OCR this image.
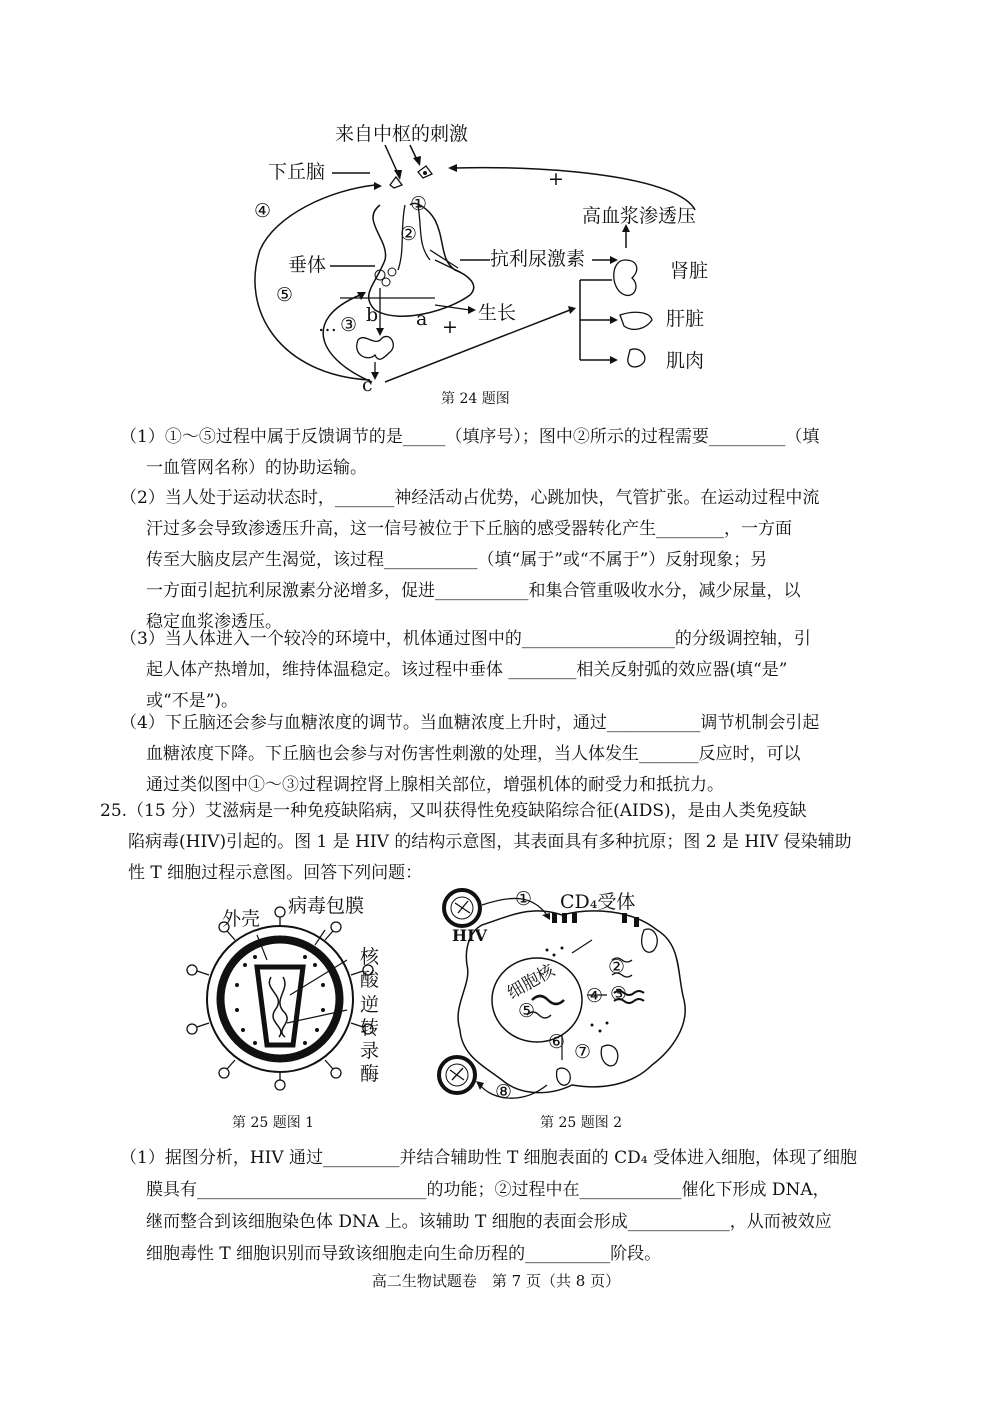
来自中枢的刺激
下丘脑
垂体	抗利尿激素
高血浆渗透压
肾脏
肝脏
肌肉
生长
①
②
③
④
⑤
a
b
c
…
+
+
第 24 题图
（1）①～⑤过程中属于反馈调节的是_____（填序号）；图中②所示的过程需要_________（填
一血管网名称）的协助运输。
（2）当人处于运动状态时，_______神经活动占优势，心跳加快，气管扩张。在运动过程中流
汗过多会导致渗透压升高，这一信号被位于下丘脑的感受器转化产生________，一方面
传至大脑皮层产生渴觉，该过程___________（填“属于”或“不属于”）反射现象；另
一方面引起抗利尿激素分泌增多，促进___________和集合管重吸收水分，减少尿量，以
稳定血浆渗透压。
（3）当人体进入一个较冷的环境中，机体通过图中的__________________的分级调控轴，引
起人体产热增加，维持体温稳定。该过程中垂体 ________相关反射弧的效应器(填“是”
或“不是”)。
（4）下丘脑还会参与血糖浓度的调节。当血糖浓度上升时，通过___________调节机制会引起
血糖浓度下降。下丘脑也会参与对伤害性刺激的处理，当人体发生_______反应时，可以
通过类似图中①～③过程调控肾上腺相关部位，增强机体的耐受力和抵抗力。
25.（15 分）艾滋病是一种免疫缺陷病，又叫获得性免疫缺陷综合征(AIDS)，是由人类免疫缺
陷病毒(HIV)引起的。图 1 是 HIV 的结构示意图，其表面具有多种抗原；图 2 是 HIV 侵染辅助
性 T 细胞过程示意图。回答下列问题：
外壳
病毒包膜
核
酸
逆
转
录
酶
第 25 题图 1
CD₄受体
HIV
细胞核
①
②
③
④
⑤
⑥ ⑦
⑧
第 25 题图 2
（1）据图分析，HIV 通过_________并结合辅助性 T 细胞表面的 CD₄ 受体进入细胞，体现了细胞
膜具有___________________________的功能；②过程中在____________催化下形成 DNA，
继而整合到该细胞染色体 DNA 上。该辅助 T 细胞的表面会形成____________，从而被效应
细胞毒性 T 细胞识别而导致该细胞走向生命历程的__________阶段。
高二生物试题卷　第 7 页（共 8 页）
